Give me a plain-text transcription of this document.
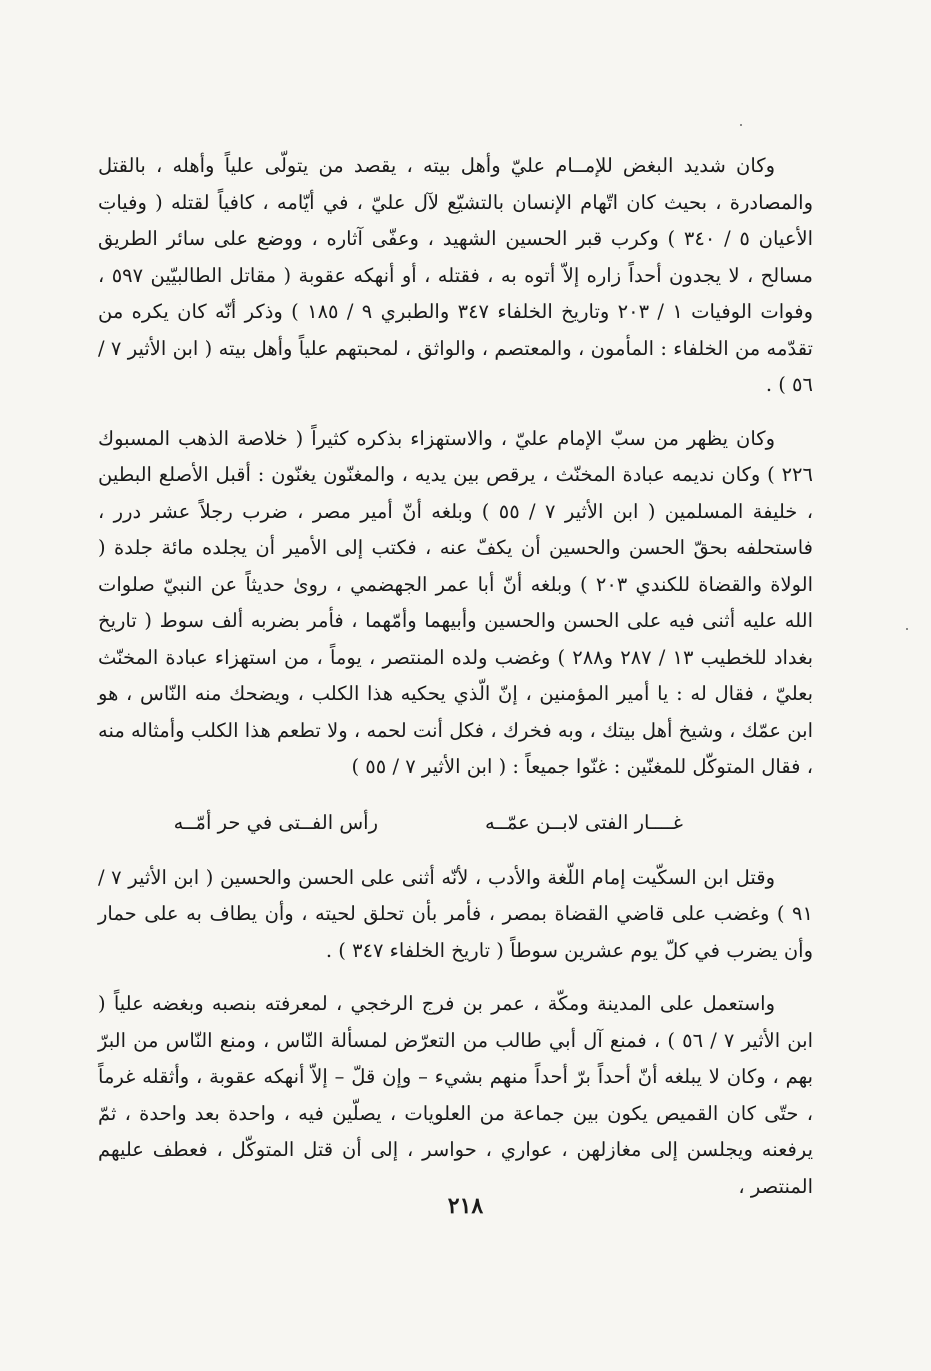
وكان شديد البغض للإمــام عليّ وأهل بيته ، يقصد من يتولّى علياً وأهله ، بالقتل والمصادرة ، بحيث كان اتّهام الإنسان بالتشيّع لآل عليّ ، في أيّامه ، كافياً لقتله ( وفيات الأعيان ٥ / ٣٤٠ ) وكرب قبر الحسين الشهيد ، وعفّى آثاره ، ووضع على سائر الطريق مسالح ، لا يجدون أحداً زاره إلاّ أتوه به ، فقتله ، أو أنهكه عقوبة ( مقاتل الطالبيّين ٥٩٧ ، وفوات الوفيات ١ / ٢٠٣ وتاريخ الخلفاء ٣٤٧ والطبري ٩ / ١٨٥ ) وذكر أنّه كان يكره من تقدّمه من الخلفاء : المأمون ، والمعتصم ، والواثق ، لمحبتهم علياً وأهل بيته ( ابن الأثير ٧ / ٥٦ ) .

وكان يظهر من سبّ الإمام عليّ ، والاستهزاء بذكره كثيراً ( خلاصة الذهب المسبوك ٢٢٦ ) وكان نديمه عبادة المخنّث ، يرقص بين يديه ، والمغنّون يغنّون : أقبل الأصلع البطين ، خليفة المسلمين ( ابن الأثير ٧ / ٥٥ ) وبلغه أنّ أمير مصر ، ضرب رجلاً عشر درر ، فاستحلفه بحقّ الحسن والحسين أن يكفّ عنه ، فكتب إلى الأمير أن يجلده مائة جلدة ( الولاة والقضاة للكندي ٢٠٣ ) وبلغه أنّ أبا عمر الجهضمي ، روىٰ حديثاً عن النبيّ صلوات الله عليه أثنى فيه على الحسن والحسين وأبيهما وأمّهما ، فأمر بضربه ألف سوط ( تاريخ بغداد للخطيب ١٣ / ٢٨٧ و٢٨٨ ) وغضب ولده المنتصر ، يوماً ، من استهزاء عبادة المخنّث بعليّ ، فقال له : يا أمير المؤمنين ، إنّ الّذي يحكيه هذا الكلب ، ويضحك منه النّاس ، هو ابن عمّك ، وشيخ أهل بيتك ، وبه فخرك ، فكل أنت لحمه ، ولا تطعم هذا الكلب وأمثاله منه ، فقال المتوكّل للمغنّين : غنّوا جميعاً : ( ابن الأثير ٧ / ٥٥ )

غــــار الفتى لابــن عمّــه
رأس الفــتى في حر أمّــه

وقتل ابن السكّيت إمام اللّغة والأدب ، لأنّه أثنى على الحسن والحسين ( ابن الأثير ٧ / ٩١ ) وغضب على قاضي القضاة بمصر ، فأمر بأن تحلق لحيته ، وأن يطاف به على حمار وأن يضرب في كلّ يوم عشرين سوطاً ( تاريخ الخلفاء ٣٤٧ ) .

واستعمل على المدينة ومكّة ، عمر بن فرج الرخجي ، لمعرفته بنصبه وبغضه علياً ( ابن الأثير ٧ / ٥٦ ) ، فمنع آل أبي طالب من التعرّض لمسألة النّاس ، ومنع النّاس من البرّ بهم ، وكان لا يبلغه أنّ أحداً برّ أحداً منهم بشيء – وإن قلّ – إلاّ أنهكه عقوبة ، وأثقله غرماً ، حتّى كان القميص يكون بين جماعة من العلويات ، يصلّين فيه ، واحدة بعد واحدة ، ثمّ يرفعنه ويجلسن إلى مغازلهن ، عواري ، حواسر ، إلى أن قتل المتوكّل ، فعطف عليهم المنتصر ،

٢١٨
